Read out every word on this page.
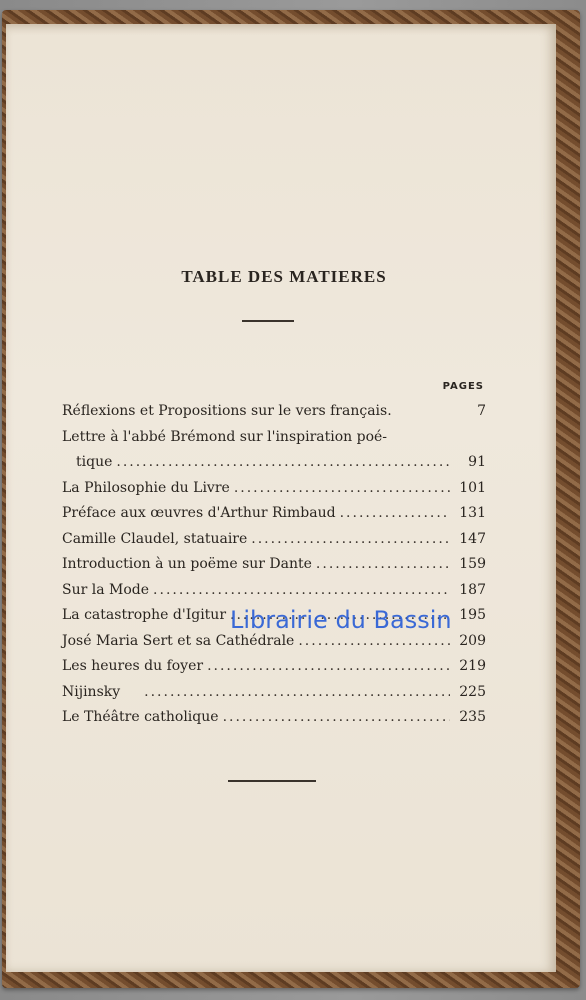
TABLE DES MATIERES
PAGES
Réflexions et Propositions sur le vers français.	7
Lettre à l'abbé Brémond sur l'inspiration poé-
tique .....	91
La Philosophie du Livre .....	101
Préface aux œuvres d'Arthur Rimbaud .....	131
Camille Claudel, statuaire .....	147
Introduction à un poëme sur Dante .....	159
Sur la Mode .....	187
La catastrophe d'Igitur .....	195
José Maria Sert et sa Cathédrale .....	209
Les heures du foyer .....	219
Nijinsky .....	225
Le Théâtre catholique .....	235
Librairie du Bassin
